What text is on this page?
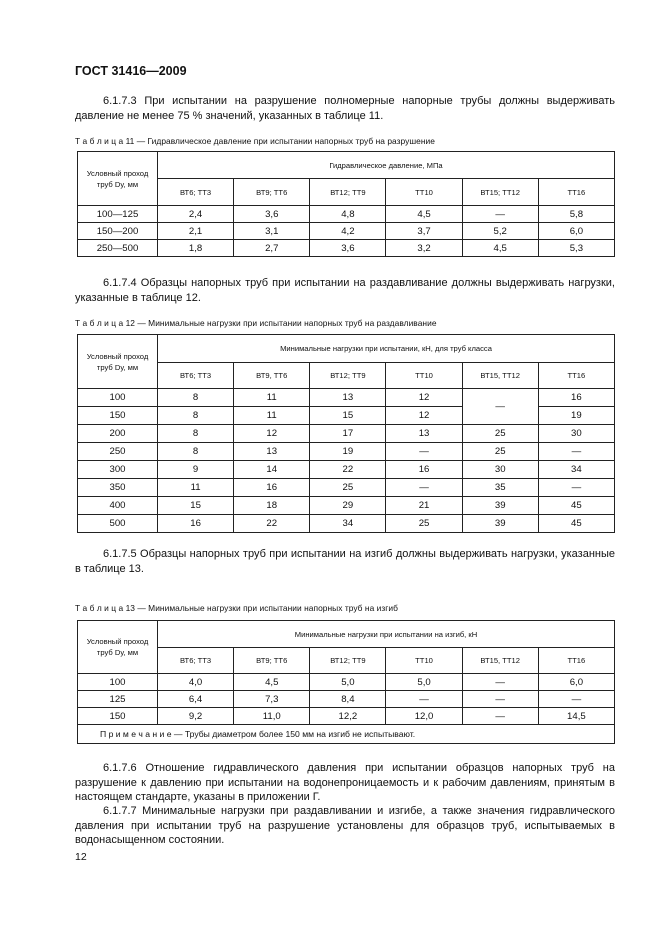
ГОСТ 31416—2009
6.1.7.3 При испытании на разрушение полномерные напорные трубы должны выдерживать давление не менее 75 % значений, указанных в таблице 11.
Т а б л и ц а 11 — Гидравлическое давление при испытании напорных труб на разрушение
Условный проход труб Dу, мм	Гидравлическое давление, МПа					
	ВТ6; ТТ3	ВТ9; ТТ6	ВТ12; ТТ9	ТТ10	ВТ15; ТТ12	ТТ16
100—125	2,4	3,6	4,8	4,5	—	5,8
150—200	2,1	3,1	4,2	3,7	5,2	6,0
250—500	1,8	2,7	3,6	3,2	4,5	5,3
6.1.7.4 Образцы напорных труб при испытании на раздавливание должны выдерживать нагрузки, указанные в таблице 12.
Т а б л и ц а 12 — Минимальные нагрузки при испытании напорных труб на раздавливание
Условный проход труб Dу, мм	Минимальные нагрузки при испытании, кН, для труб класса					
	ВТ6; ТТ3	ВТ9, ТТ6	ВТ12; ТТ9	ТТ10	ВТ15, ТТ12	ТТ16
100	8	11	13	12	—	16
150	8	11	15	12		19
200	8	12	17	13	25	30
250	8	13	19	—	25	—
300	9	14	22	16	30	34
350	11	16	25	—	35	—
400	15	18	29	21	39	45
500	16	22	34	25	39	45
6.1.7.5 Образцы напорных труб при испытании на изгиб должны выдерживать нагрузки, указанные в таблице 13.
Т а б л и ц а 13 — Минимальные нагрузки при испытании напорных труб на изгиб
Условный проход труб Dу, мм	Минимальные нагрузки при испытании на изгиб, кН					
	ВТ6; ТТ3	ВТ9; ТТ6	ВТ12; ТТ9	ТТ10	ВТ15, ТТ12	ТТ16
100	4,0	4,5	5,0	5,0	—	6,0
125	6,4	7,3	8,4	—	—	—
150	9,2	11,0	12,2	12,0	—	14,5
П р и м е ч а н и е — Трубы диаметром более 150 мм на изгиб не испытывают.						
6.1.7.6 Отношение гидравлического давления при испытании образцов напорных труб на разрушение к давлению при испытании на водонепроницаемость и к рабочим давлениям, принятым в настоящем стандарте, указаны в приложении Г.
6.1.7.7 Минимальные нагрузки при раздавливании и изгибе, а также значения гидравлического давления при испытании труб на разрушение установлены для образцов труб, испытываемых в водонасыщенном состоянии.
12
